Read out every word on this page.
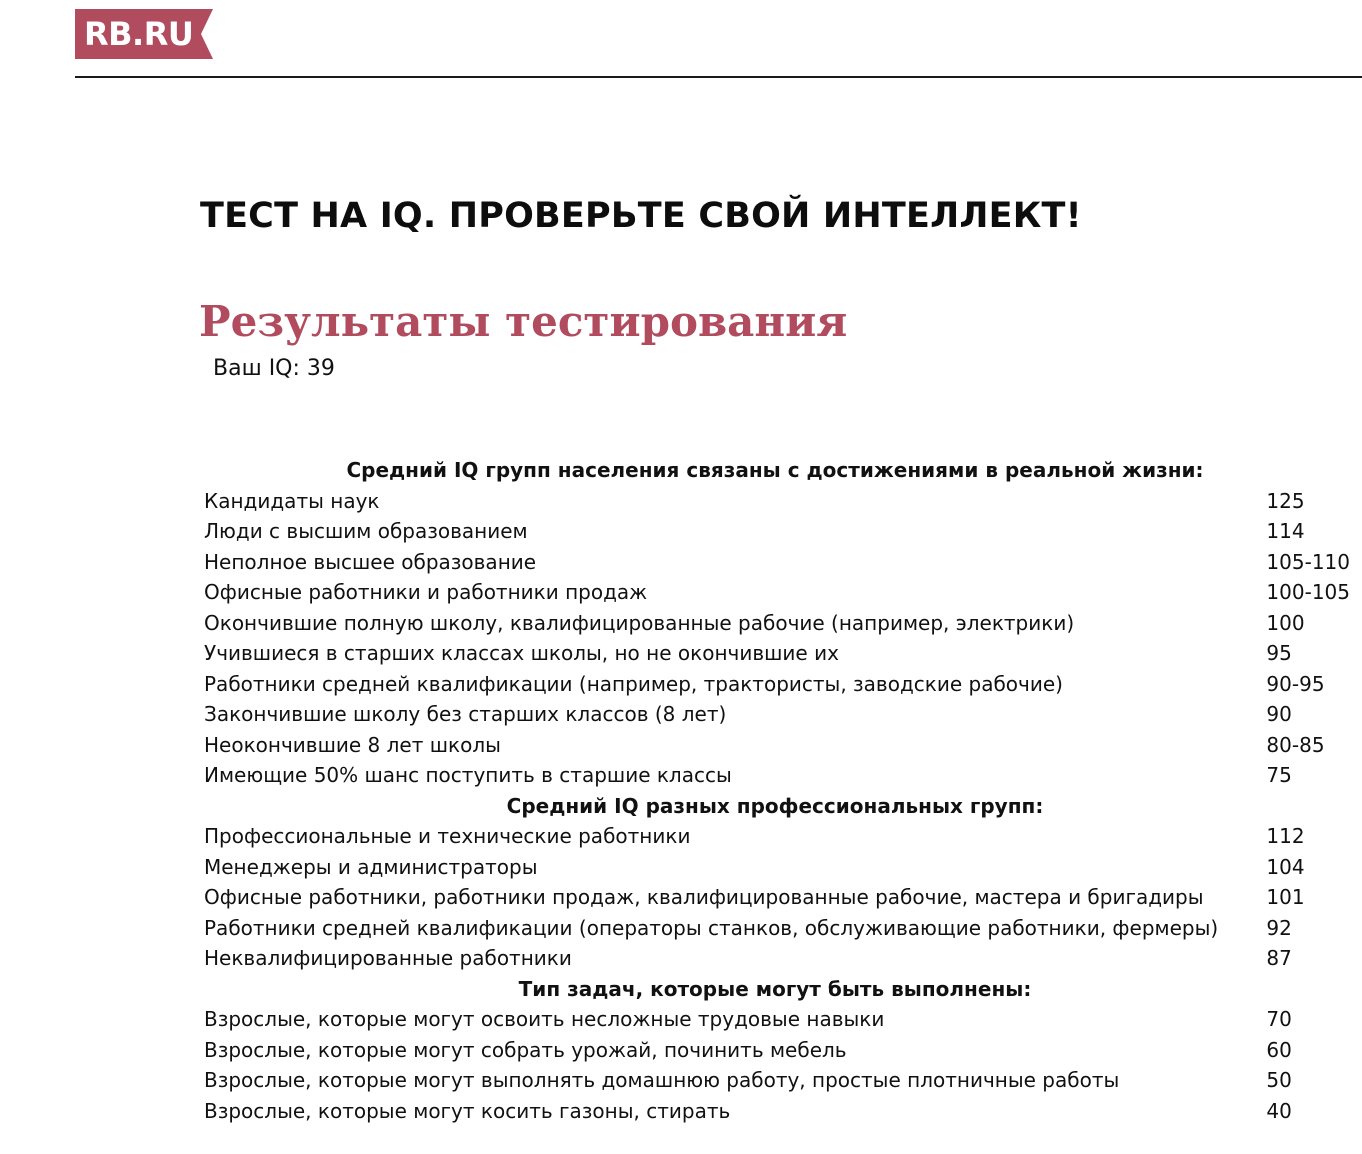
RB.RU
ТЕСТ НА IQ. ПРОВЕРЬТЕ СВОЙ ИНТЕЛЛЕКТ!
Результаты тестирования
Ваш IQ: 39
Средний IQ групп населения связаны с достижениями в реальной жизни:	
Кандидаты наук	125
Люди с высшим образованием	114
Неполное высшее образование	105-110
Офисные работники и работники продаж	100-105
Окончившие полную школу, квалифицированные рабочие (например, электрики)	100
Учившиеся в старших классах школы, но не окончившие их	95
Работники средней квалификации (например, трактористы, заводские рабочие)	90-95
Закончившие школу без старших классов (8 лет)	90
Неокончившие 8 лет школы	80-85
Имеющие 50% шанс поступить в старшие классы	75
Средний IQ разных профессиональных групп:	
Профессиональные и технические работники	112
Менеджеры и администраторы	104
Офисные работники, работники продаж, квалифицированные рабочие, мастера и бригадиры	101
Работники средней квалификации (операторы станков, обслуживающие работники, фермеры)	92
Неквалифицированные работники	87
Тип задач, которые могут быть выполнены:	
Взрослые, которые могут освоить несложные трудовые навыки	70
Взрослые, которые могут собрать урожай, починить мебель	60
Взрослые, которые могут выполнять домашнюю работу, простые плотничные работы	50
Взрослые, которые могут косить газоны, стирать	40
